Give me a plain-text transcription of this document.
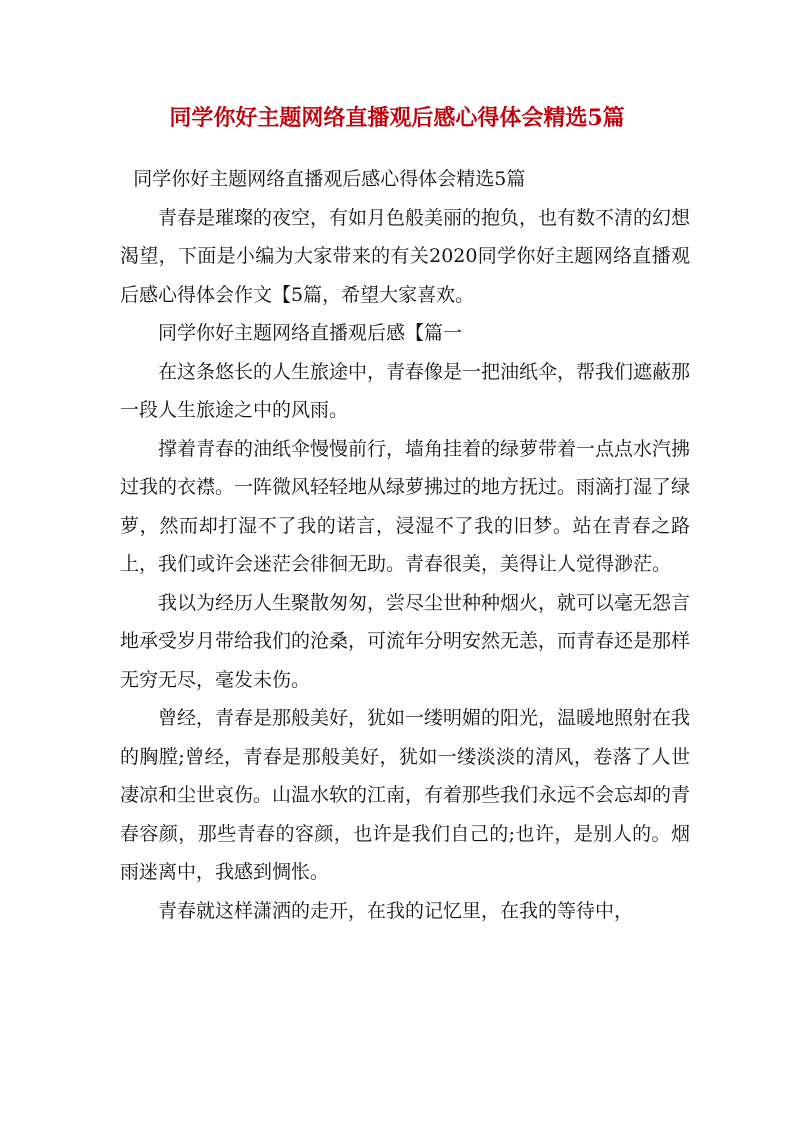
同学你好主题网络直播观后感心得体会精选5篇

同学你好主题网络直播观后感心得体会精选5篇

青春是璀璨的夜空，有如月色般美丽的抱负，也有数不清的幻想渴望，下面是小编为大家带来的有关2020同学你好主题网络直播观后感心得体会作文【5篇，希望大家喜欢。

同学你好主题网络直播观后感【篇一

在这条悠长的人生旅途中，青春像是一把油纸伞，帮我们遮蔽那一段人生旅途之中的风雨。

撑着青春的油纸伞慢慢前行，墙角挂着的绿萝带着一点点水汽拂过我的衣襟。一阵微风轻轻地从绿萝拂过的地方抚过。雨滴打湿了绿萝，然而却打湿不了我的诺言，浸湿不了我的旧梦。站在青春之路上，我们或许会迷茫会徘徊无助。青春很美，美得让人觉得渺茫。

我以为经历人生聚散匆匆，尝尽尘世种种烟火，就可以毫无怨言地承受岁月带给我们的沧桑，可流年分明安然无恙，而青春还是那样无穷无尽，毫发未伤。

曾经，青春是那般美好，犹如一缕明媚的阳光，温暖地照射在我的胸膛;曾经，青春是那般美好，犹如一缕淡淡的清风，卷落了人世凄凉和尘世哀伤。山温水软的江南，有着那些我们永远不会忘却的青春容颜，那些青春的容颜，也许是我们自己的;也许，是别人的。烟雨迷离中，我感到惆怅。

青春就这样潇洒的走开，在我的记忆里，在我的等待中，
